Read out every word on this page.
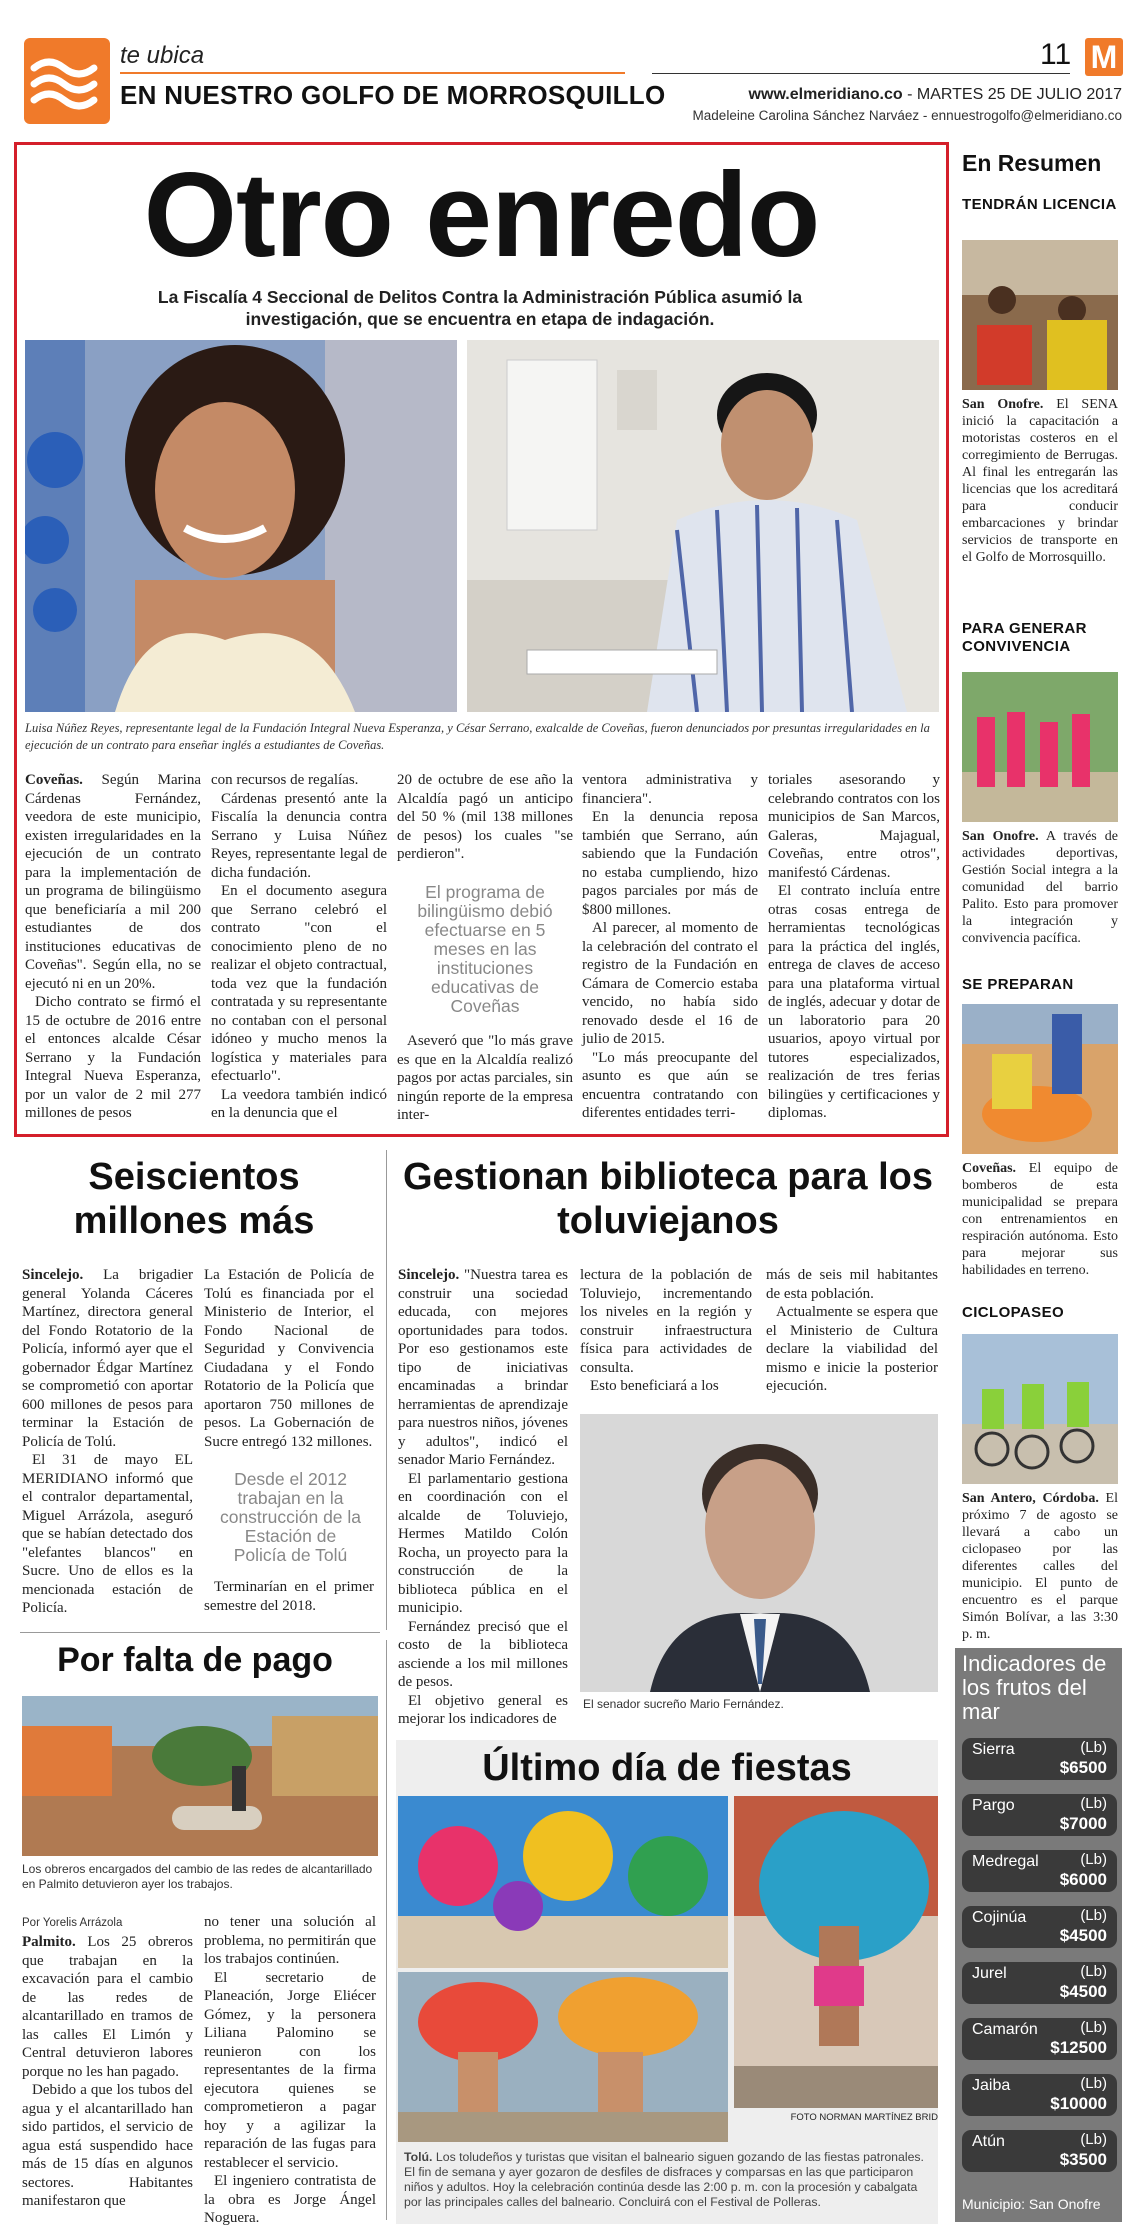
te ubica
EN NUESTRO GOLFO DE MORROSQUILLO
11 M
www.elmeridiano.co - MARTES 25 DE JULIO 2017
Madeleine Carolina Sánchez Narváez - ennuestrogolfo@elmeridiano.co
Otro enredo
La Fiscalía 4 Seccional de Delitos Contra la Administración Pública asumió la investigación, que se encuentra en etapa de indagación.
Luisa Núñez Reyes, representante legal de la Fundación Integral Nueva Esperanza, y César Serrano, exalcalde de Coveñas, fueron denunciados por presuntas irregularidades en la ejecución de un contrato para enseñar inglés a estudiantes de Coveñas.

Coveñas. Según Marina Cárdenas Fernández, veedora de este municipio, existen irregularidades en la ejecución de un contrato para la implementación de un programa de bilingüismo que beneficiaría a mil 200 estudiantes de dos instituciones educativas de Coveñas". Según ella, no se ejecutó ni en un 20%.

Dicho contrato se firmó el 15 de octubre de 2016 entre el entonces alcalde César Serrano y la Fundación Integral Nueva Esperanza, por un valor de 2 mil 277 millones de pesos

con recursos de regalías.

Cárdenas presentó ante la Fiscalía la denuncia contra Serrano y Luisa Núñez Reyes, representante legal de dicha fundación.

En el documento asegura que Serrano celebró el contrato "con el conocimiento pleno de no realizar el objeto contractual, toda vez que la fundación contratada y su representante no contaban con el personal idóneo y mucho menos la logística y materiales para efectuarlo".

La veedora también indicó en la denuncia que el

20 de octubre de ese año la Alcaldía pagó un anticipo del 50 % (mil 138 millones de pesos) los cuales "se perdieron".

El programa de bilingüismo debió efectuarse en 5 meses en las instituciones educativas de Coveñas

Aseveró que "lo más grave es que en la Alcaldía realizó pagos por actas parciales, sin ningún reporte de la empresa inter-

ventora administrativa y financiera".

En la denuncia reposa también que Serrano, aún sabiendo que la Fundación no estaba cumpliendo, hizo pagos parciales por más de $800 millones.

Al parecer, al momento de la celebración del contrato el registro de la Fundación en Cámara de Comercio estaba vencido, no había sido renovado desde el 16 de julio de 2015.

"Lo más preocupante del asunto es que aún se encuentra contratando con diferentes entidades terri-

toriales asesorando y celebrando contratos con los municipios de San Marcos, Galeras, Majagual, Coveñas, entre otros", manifestó Cárdenas.

El contrato incluía entre otras cosas entrega de herramientas tecnológicas para la práctica del inglés, entrega de claves de acceso para una plataforma virtual de inglés, adecuar y dotar de un laboratorio para 20 usuarios, apoyo virtual por tutores especializados, realización de tres ferias bilingües y certificaciones y diplomas.

En Resumen
TENDRÁN LICENCIA
San Onofre. El SENA inició la capacitación a motoristas costeros en el corregimiento de Berrugas. Al final les entregarán las licencias que los acreditará para conducir embarcaciones y brindar servicios de transporte en el Golfo de Morrosquillo.
PARA GENERAR CONVIVENCIA
San Onofre. A través de actividades deportivas, Gestión Social integra a la comunidad del barrio Palito. Esto para promover la integración y convivencia pacífica.
SE PREPARAN
Coveñas. El equipo de bomberos de esta municipalidad se prepara con entrenamientos en respiración autónoma. Esto para mejorar sus habilidades en terreno.
CICLOPASEO
San Antero, Córdoba. El próximo 7 de agosto se llevará a cabo un ciclopaseo por las diferentes calles del municipio. El punto de encuentro es el parque Simón Bolívar, a las 3:30 p. m.
Indicadores de los frutos del mar
Sierra	(Lb)
$6500
Pargo	(Lb)
$7000
Medregal	(Lb)
$6000
Cojinúa	(Lb)
$4500
Jurel	(Lb)
$4500
Camarón	(Lb)
$12500
Jaiba	(Lb)
$10000
Atún	(Lb)
$3500
Municipio: San Onofre
Seiscientos millones más

Sincelejo. La brigadier general Yolanda Cáceres Martínez, directora general del Fondo Rotatorio de la Policía, informó ayer que el gobernador Édgar Martínez se comprometió con aportar 600 millones de pesos para terminar la Estación de Policía de Tolú.

El 31 de mayo EL MERIDIANO informó que el contralor departamental, Miguel Arrázola, aseguró que se habían detectado dos "elefantes blancos" en Sucre. Uno de ellos es la mencionada estación de Policía.

La Estación de Policía de Tolú es financiada por el Ministerio de Interior, el Fondo Nacional de Seguridad y Convivencia Ciudadana y el Fondo Rotatorio de la Policía que aportaron 750 millones de pesos. La Gobernación de Sucre entregó 132 millones.

Desde el 2012 trabajan en la construcción de la Estación de Policía de Tolú

Terminarían en el primer semestre del 2018.

Por falta de pago
Los obreros encargados del cambio de las redes de alcantarillado en Palmito detuvieron ayer los trabajos.
Por Yorelis Arrázola

Palmito. Los 25 obreros que trabajan en la excavación para el cambio de las redes de alcantarillado en tramos de las calles El Limón y Central detuvieron labores porque no les han pagado.

Debido a que los tubos del agua y el alcantarillado han sido partidos, el servicio de agua está suspendido hace más de 15 días en algunos sectores. Habitantes manifestaron que

no tener una solución al problema, no permitirán que los trabajos continúen.

El secretario de Planeación, Jorge Eliécer Gómez, y la personera Liliana Palomino se reunieron con los representantes de la firma ejecutora quienes se comprometieron a pagar hoy y a agilizar la reparación de las fugas para restablecer el servicio.

El ingeniero contratista de la obra es Jorge Ángel Noguera.

Gestionan biblioteca para los toluviejanos

Sincelejo. "Nuestra tarea es construir una sociedad educada, con mejores oportunidades para todos. Por eso gestionamos este tipo de iniciativas encaminadas a brindar herramientas de aprendizaje para nuestros niños, jóvenes y adultos", indicó el senador Mario Fernández.

El parlamentario gestiona en coordinación con el alcalde de Toluviejo, Hermes Matildo Colón Rocha, un proyecto para la construcción de la biblioteca pública en el municipio.

Fernández precisó que el costo de la biblioteca asciende a los mil millones de pesos.

El objetivo general es mejorar los indicadores de

lectura de la población de Toluviejo, incrementando los niveles en la región y construir infraestructura física para actividades de consulta.

Esto beneficiará a los

más de seis mil habitantes de esta población.

Actualmente se espera que el Ministerio de Cultura declare la viabilidad del mismo e inicie la posterior ejecución.

El senador sucreño Mario Fernández.
Último día de fiestas
FOTO NORMAN MARTÍNEZ BRID
Tolú. Los toludeños y turistas que visitan el balneario siguen gozando de las fiestas patronales. El fin de semana y ayer gozaron de desfiles de disfraces y comparsas en las que participaron niños y adultos. Hoy la celebración continúa desde las 2:00 p. m. con la procesión y cabalgata por las principales calles del balneario. Concluirá con el Festival de Polleras.
